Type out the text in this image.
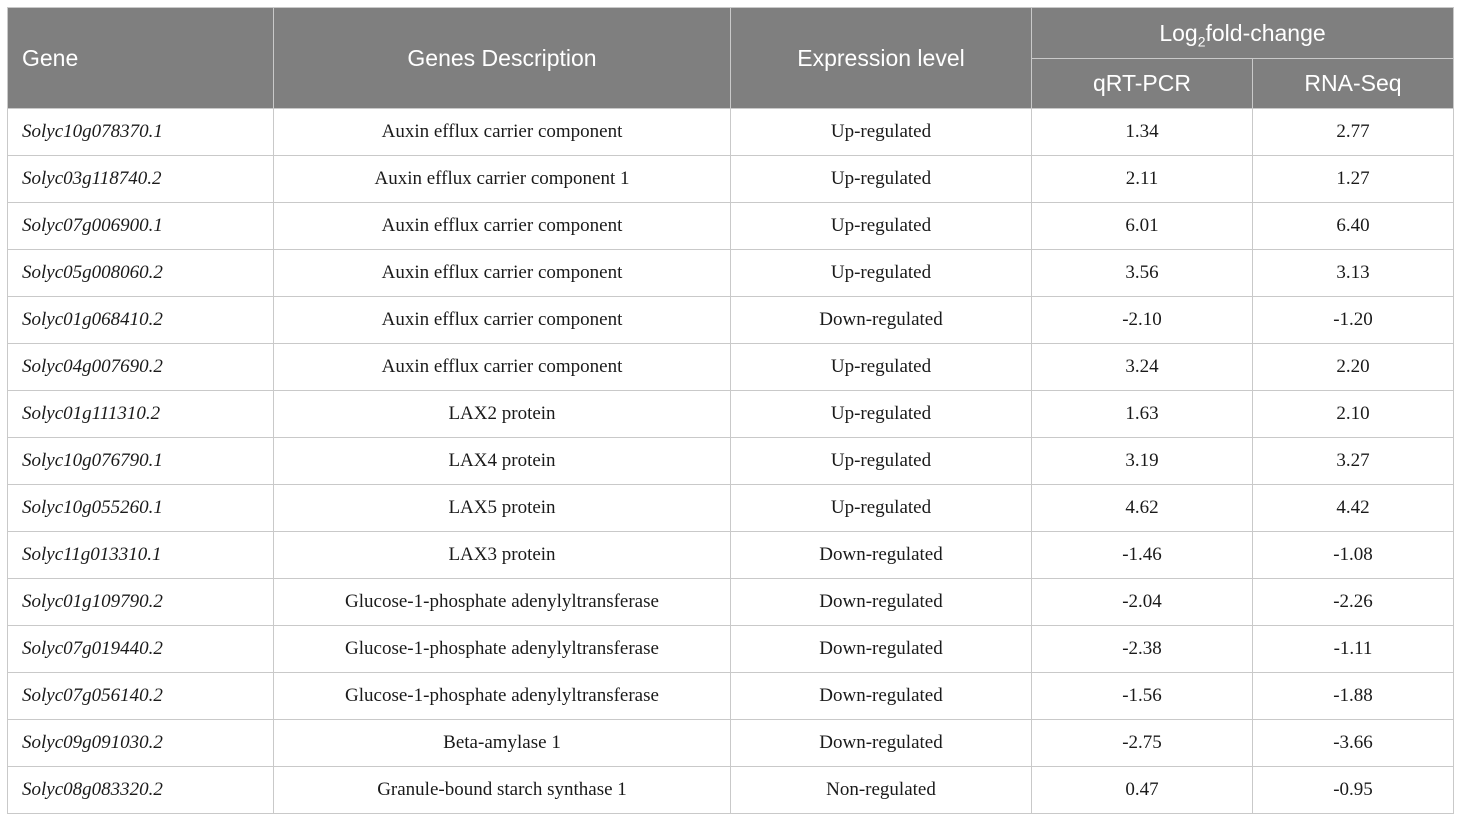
Gene	Genes Description	Expression level	Log$_2$fold-change	
			qRT-PCR	RNA-Seq
Solyc10g078370.1	Auxin efflux carrier component	Up-regulated	1.34	2.77
Solyc03g118740.2	Auxin efflux carrier component 1	Up-regulated	2.11	1.27
Solyc07g006900.1	Auxin efflux carrier component	Up-regulated	6.01	6.40
Solyc05g008060.2	Auxin efflux carrier component	Up-regulated	3.56	3.13
Solyc01g068410.2	Auxin efflux carrier component	Down-regulated	-2.10	-1.20
Solyc04g007690.2	Auxin efflux carrier component	Up-regulated	3.24	2.20
Solyc01g111310.2	LAX2 protein	Up-regulated	1.63	2.10
Solyc10g076790.1	LAX4 protein	Up-regulated	3.19	3.27
Solyc10g055260.1	LAX5 protein	Up-regulated	4.62	4.42
Solyc11g013310.1	LAX3 protein	Down-regulated	-1.46	-1.08
Solyc01g109790.2	Glucose-1-phosphate adenylyltransferase	Down-regulated	-2.04	-2.26
Solyc07g019440.2	Glucose-1-phosphate adenylyltransferase	Down-regulated	-2.38	-1.11
Solyc07g056140.2	Glucose-1-phosphate adenylyltransferase	Down-regulated	-1.56	-1.88
Solyc09g091030.2	Beta-amylase 1	Down-regulated	-2.75	-3.66
Solyc08g083320.2	Granule-bound starch synthase 1	Non-regulated	0.47	-0.95
